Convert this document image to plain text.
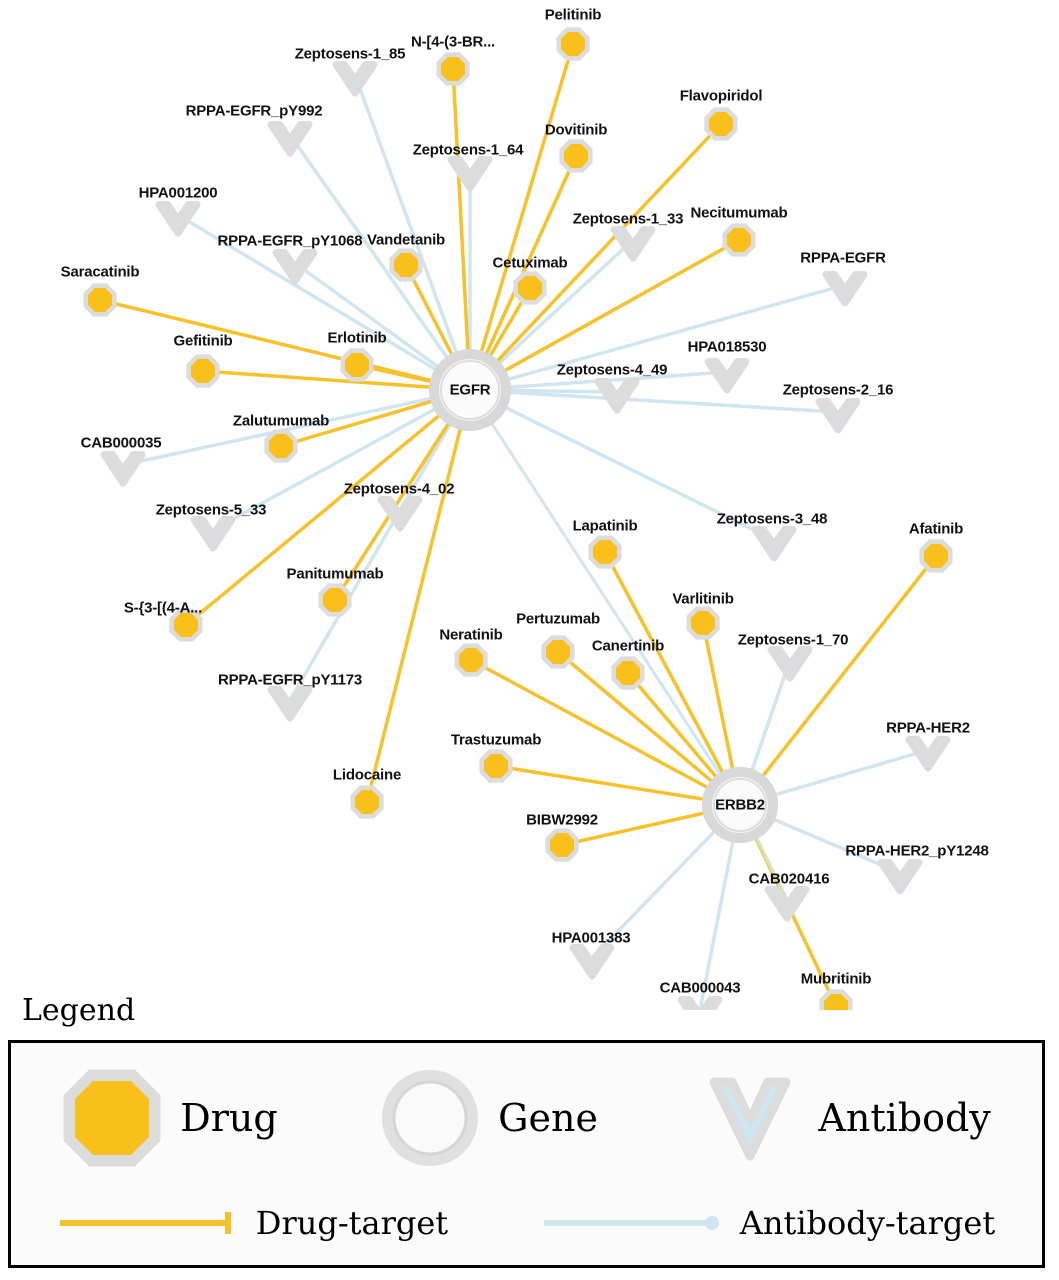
Pelitinib
N-[4-(3-BR...
Flavopiridol
Dovitinib
Necitumumab
Vandetanib
Cetuximab
Saracatinib
Erlotinib
Gefitinib
Zalutumumab
Lapatinib	Afatinib
Panitumumab
Varlitinib
S-{3-[(4-A...
Neratinib
Pertuzumab
Canertinib
Trastuzumab
Lidocaine
BIBW2992
Mubritinib
Zeptosens-1_85
RPPA-EGFR_pY992
Zeptosens-1_64
HPA001200
Zeptosens-1_33
RPPA-EGFR_pY1068
RPPA-EGFR
HPA018530
Zeptosens-4_49
Zeptosens-2_16
CAB000035
Zeptosens-4_02
Zeptosens-5_33
Zeptosens-3_48
Zeptosens-1_70
RPPA-EGFR_pY1173
RPPA-HER2
RPPA-HER2_pY1248
CAB020416
HPA001383
CAB000043
EGFR
ERBB2
Legend
Drug	Gene	Antibody
Drug-target	Antibody-target
